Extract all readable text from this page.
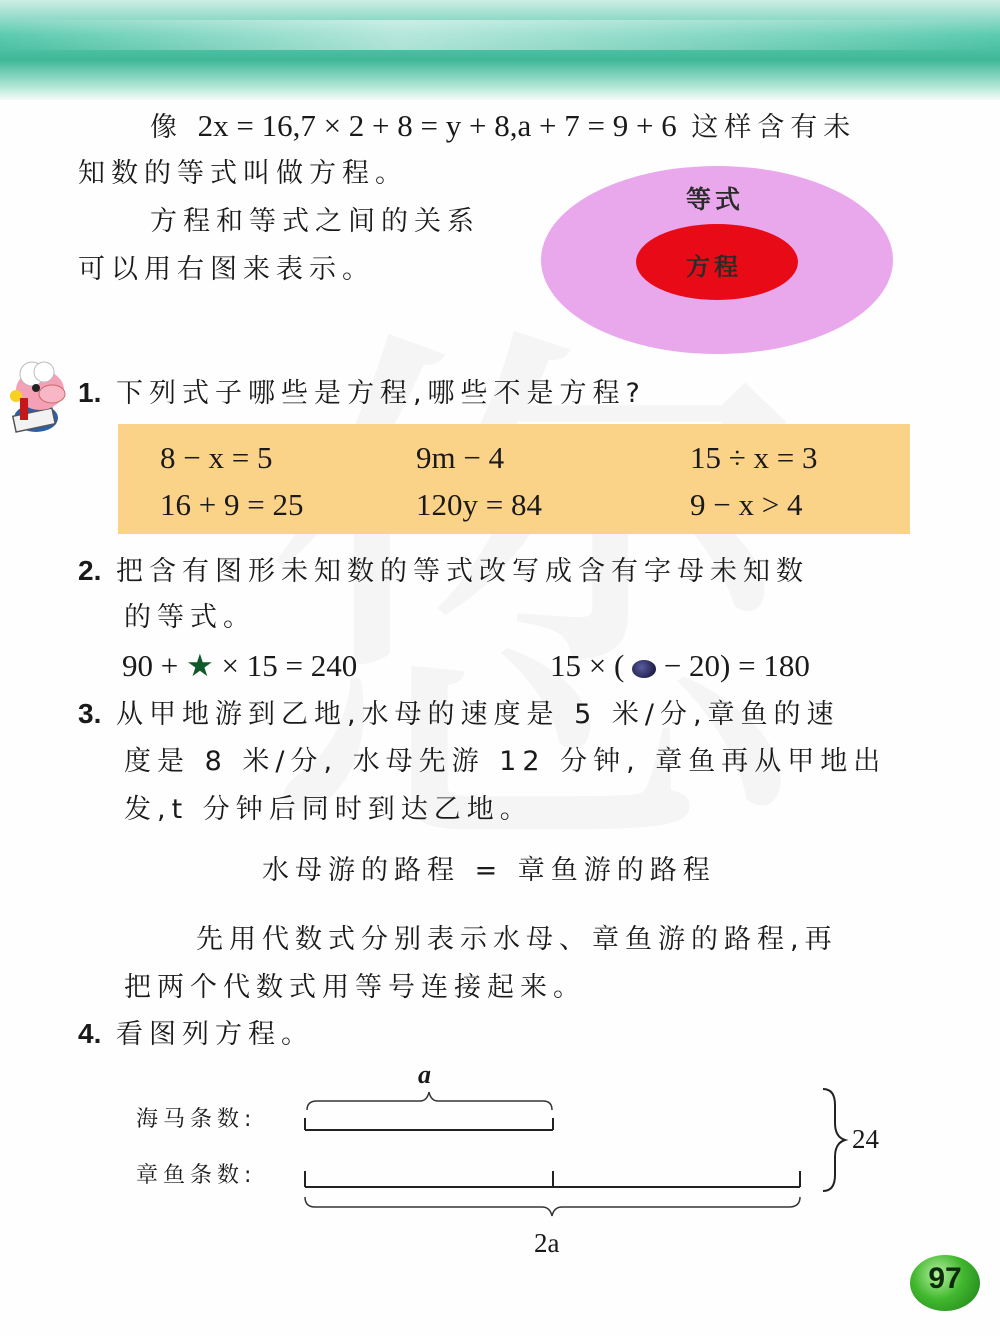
像 2x = 16,7 × 2 + 8 = y + 8,a + 7 = 9 + 6 这样含有未
知数的等式叫做方程。
方程和等式之间的关系
可以用右图来表示。
等式
方程
1. 下列式子哪些是方程,哪些不是方程?
8 − x = 5	9m − 4	15 ÷ x = 3
16 + 9 = 25	120y = 84	9 − x > 4
2. 把含有图形未知数的等式改写成含有字母未知数
的等式。
90 + ★ × 15 = 240	15 × (  − 20) = 180
3. 从甲地游到乙地,水母的速度是 5 米/分,章鱼的速
度是 8 米/分, 水母先游 12 分钟, 章鱼再从甲地出
发,t 分钟后同时到达乙地。
水母游的路程 = 章鱼游的路程
先用代数式分别表示水母、章鱼游的路程,再
把两个代数式用等号连接起来。
4. 看图列方程。
a
海马条数:
章鱼条数:
2a
24
97
